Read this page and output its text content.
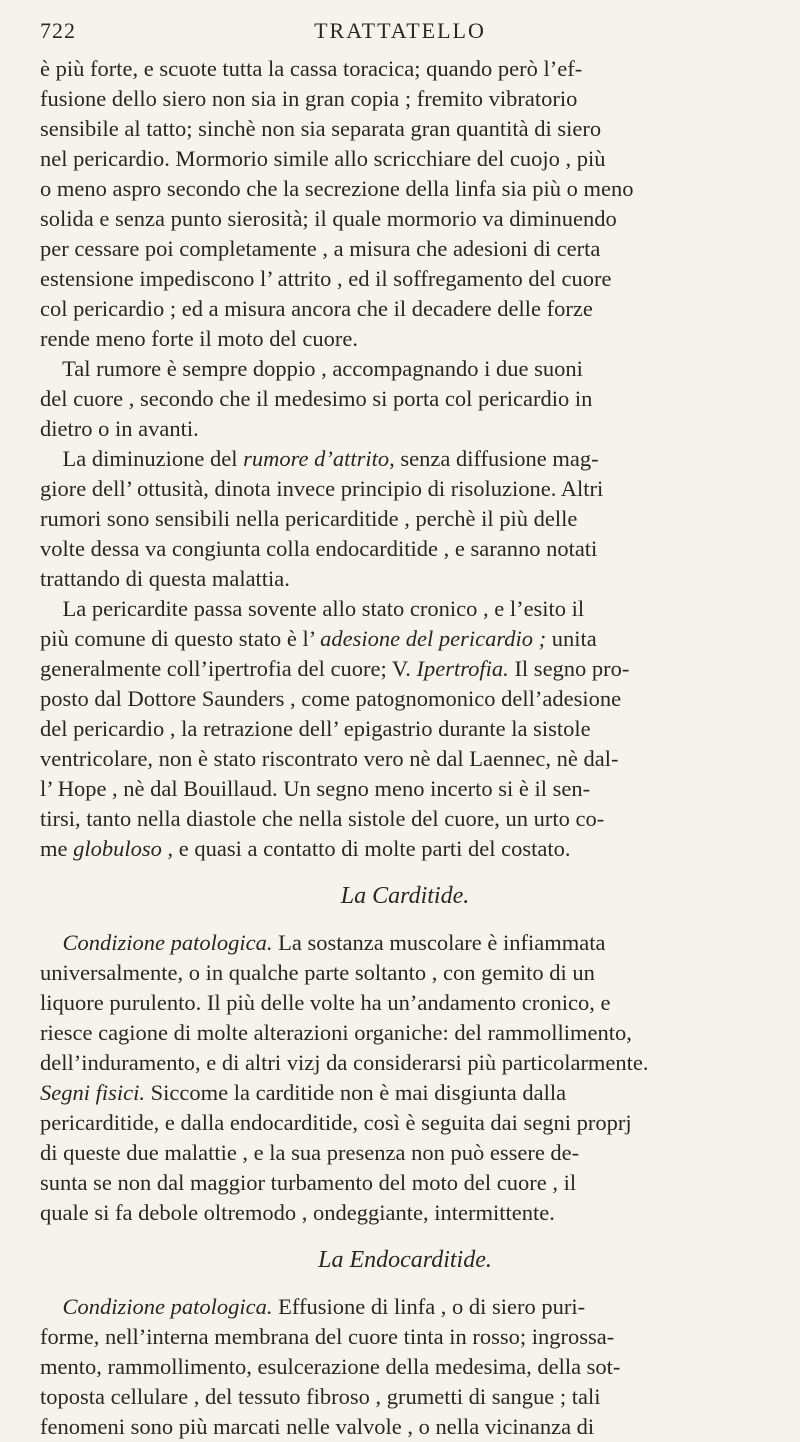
722	TRATTATELLO
è più forte, e scuote tutta la cassa toracica; quando però l’ef-
fusione dello siero non sia in gran copia ; fremito vibratorio
sensibile al tatto; sinchè non sia separata gran quantità di siero
nel pericardio. Mormorio simile allo scricchiare del cuojo , più
o meno aspro secondo che la secrezione della linfa sia più o meno
solida e senza punto sierosità; il quale mormorio va diminuendo
per cessare poi completamente , a misura che adesioni di certa
estensione impediscono l’ attrito , ed il soffregamento del cuore
col pericardio ; ed a misura ancora che il decadere delle forze
rende meno forte il moto del cuore.
Tal rumore è sempre doppio , accompagnando i due suoni
del cuore , secondo che il medesimo si porta col pericardio in
dietro o in avanti.
La diminuzione del rumore d’attrito, senza diffusione mag-
giore dell’ ottusità, dinota invece principio di risoluzione. Altri
rumori sono sensibili nella pericarditide , perchè il più delle
volte dessa va congiunta colla endocarditide , e saranno notati
trattando di questa malattia.
La pericardite passa sovente allo stato cronico , e l’esito il
più comune di questo stato è l’ adesione del pericardio ; unita
generalmente coll’ipertrofia del cuore; V. Ipertrofia. Il segno pro-
posto dal Dottore Saunders , come patognomonico dell’adesione
del pericardio , la retrazione dell’ epigastrio durante la sistole
ventricolare, non è stato riscontrato vero nè dal Laennec, nè dal-
l’ Hope , nè dal Bouillaud. Un segno meno incerto si è il sen-
tirsi, tanto nella diastole che nella sistole del cuore, un urto co-
me globuloso , e quasi a contatto di molte parti del costato.
La Carditide.
Condizione patologica. La sostanza muscolare è infiammata
universalmente, o in qualche parte soltanto , con gemito di un
liquore purulento. Il più delle volte ha un’andamento cronico, e
riesce cagione di molte alterazioni organiche: del rammollimento,
dell’induramento, e di altri vizj da considerarsi più particolarmente.
Segni fisici. Siccome la carditide non è mai disgiunta dalla
pericarditide, e dalla endocarditide, così è seguita dai segni proprj
di queste due malattie , e la sua presenza non può essere de-
sunta se non dal maggior turbamento del moto del cuore , il
quale si fa debole oltremodo , ondeggiante, intermittente.
La Endocarditide.
Condizione patologica. Effusione di linfa , o di siero puri-
forme, nell’interna membrana del cuore tinta in rosso; ingrossa-
mento, rammollimento, esulcerazione della medesima, della sot-
toposta cellulare , del tessuto fibroso , grumetti di sangue ; tali
fenomeni sono più marcati nelle valvole , o nella vicinanza di
